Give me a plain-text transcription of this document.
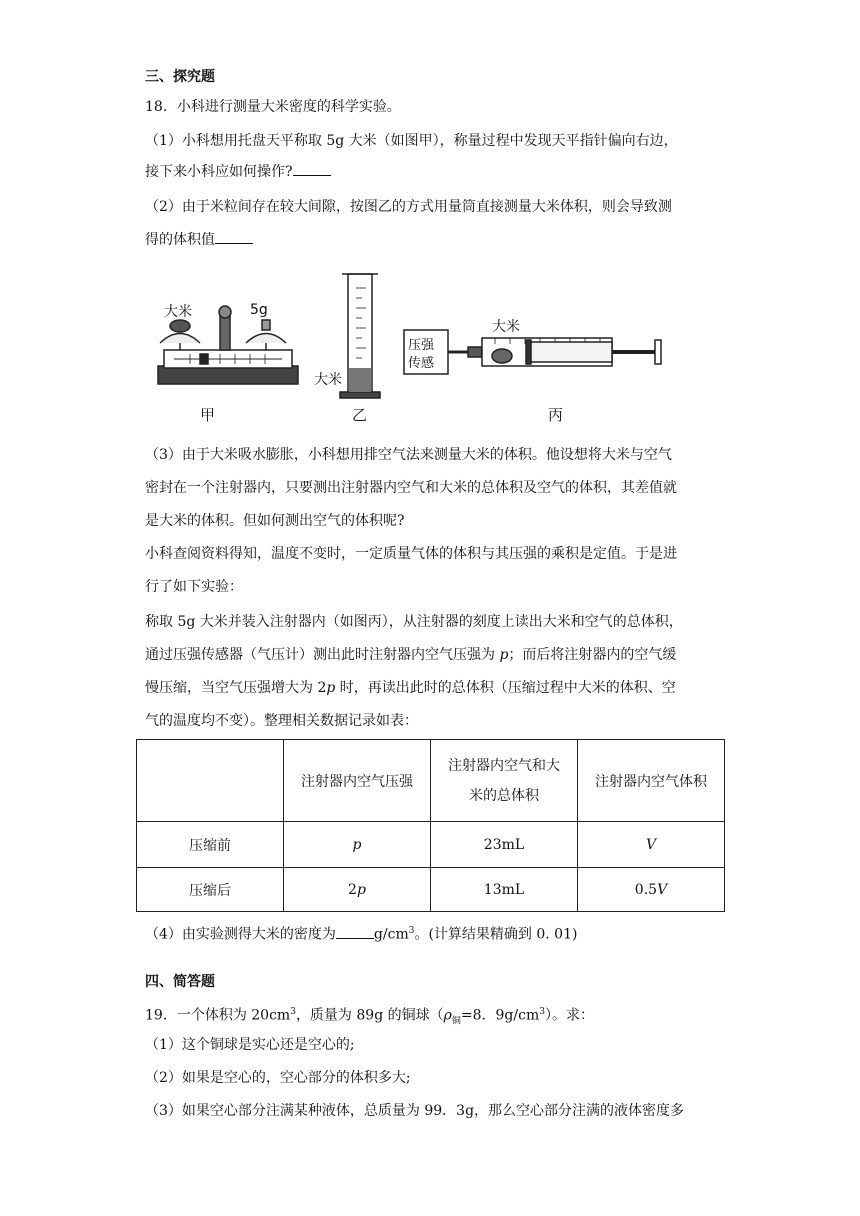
三、探究题
18．小科进行测量大米密度的科学实验。
（1）小科想用托盘天平称取 5g 大米（如图甲），称量过程中发现天平指针偏向右边，
接下来小科应如何操作?
（2）由于米粒间存在较大间隙，按图乙的方式用量筒直接测量大米体积，则会导致测
得的体积值
大米	5g
甲
大米
乙
压强
传感
大米
丙
（3）由于大米吸水膨胀，小科想用排空气法来测量大米的体积。他设想将大米与空气
密封在一个注射器内，只要测出注射器内空气和大米的总体积及空气的体积，其差值就
是大米的体积。但如何测出空气的体积呢?
小科查阅资料得知，温度不变时，一定质量气体的体积与其压强的乘积是定值。于是进
行了如下实验：
称取 5g 大米并装入注射器内（如图丙），从注射器的刻度上读出大米和空气的总体积，
通过压强传感器（气压计）测出此时注射器内空气压强为 p；而后将注射器内的空气缓
慢压缩，当空气压强增大为 2p 时，再读出此时的总体积（压缩过程中大米的体积、空
气的温度均不变）。整理相关数据记录如表：
	注射器内空气压强	注射器内空气和大
米的总体积	注射器内空气体积
压缩前	p	23mL	V
压缩后	2p	13mL	0.5V
（4）由实验测得大米的密度为	$g/cm^3$。(计算结果精确到 0. 01)
四、简答题
19．一个体积为 $20cm^3$，质量为 89g 的铜球（$\rho_铜=8$．$9g/cm^3$）。求：
（1）这个铜球是实心还是空心的;
（2）如果是空心的，空心部分的体积多大;
（3）如果空心部分注满某种液体，总质量为 99．3g，那么空心部分注满的液体密度多
